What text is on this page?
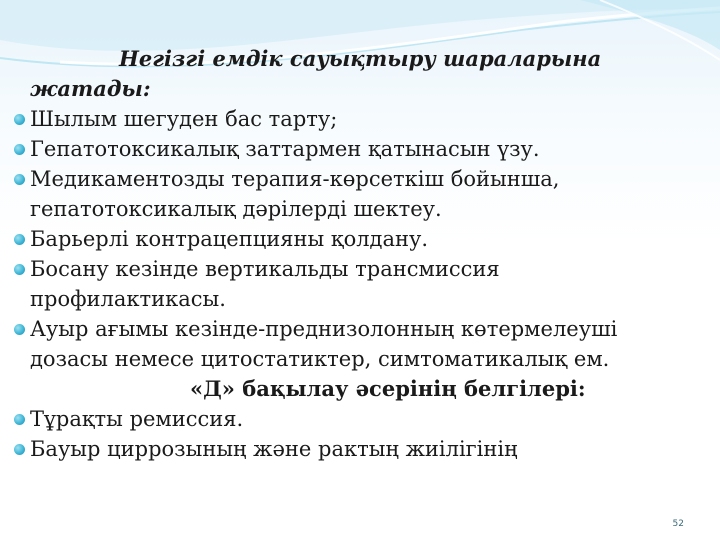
Негізгі емдік сауықтыру шараларына
жатады:
Шылым шегуден бас тарту;
Гепатотоксикалық заттармен қатынасын үзу.
Медикаментозды терапия-көрсеткіш бойынша,
гепатотоксикалық дәрілерді шектеу.
Барьерлі контрацепцияны қолдану.
Босану кезінде вертикальды трансмиссия
профилактикасы.
Ауыр ағымы кезінде-преднизолонның көтермелеуші
дозасы немесе цитостатиктер, симтоматикалық ем.
«Д» бақылау әсерінің белгілері:
Тұрақты ремиссия.
Бауыр циррозының және рактың жиілігінің
52
